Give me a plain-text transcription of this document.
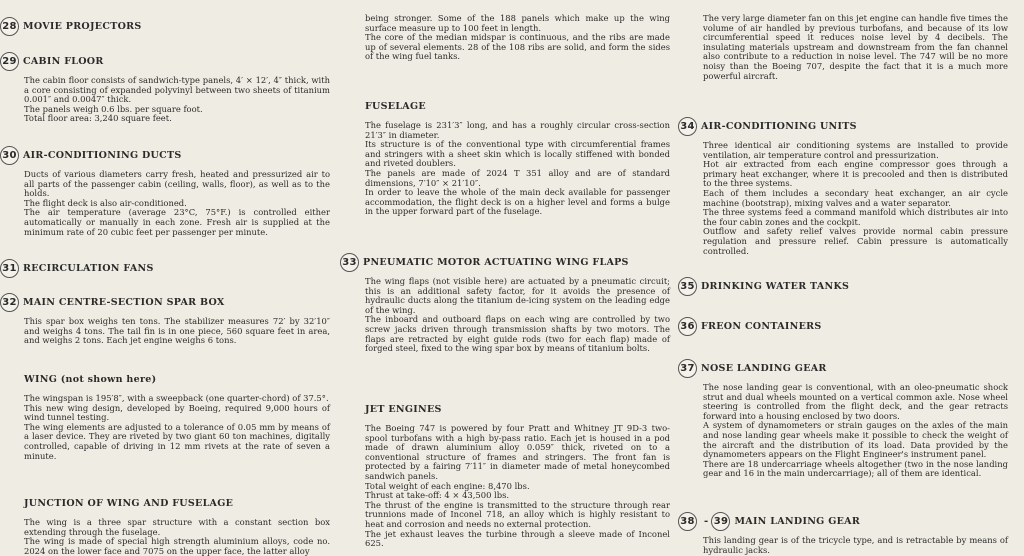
28 MOVIE PROJECTORS
29 CABIN FLOOR

The cabin floor consists of sandwich-type panels, 4′ × 12′, 4″ thick, with a core consisting of expanded polyvinyl between two sheets of titanium 0.001″ and 0.0047″ thick.

The panels weigh 0.6 lbs. per square foot.

Total floor area: 3,240 square feet.

30 AIR-CONDITIONING DUCTS

Ducts of various diameters carry fresh, heated and pressurized air to all parts of the passenger cabin (ceiling, walls, floor), as well as to the holds.

The flight deck is also air-conditioned.

The air temperature (average 23°C, 75°F.) is controlled either automatically or manually in each zone. Fresh air is supplied at the minimum rate of 20 cubic feet per passenger per minute.

31 RECIRCULATION FANS
32 MAIN CENTRE-SECTION SPAR BOX

This spar box weighs ten tons. The stabilizer measures 72′ by 32′10″ and weighs 4 tons. The tail fin is in one piece, 560 square feet in area, and weighs 2 tons. Each jet engine weighs 6 tons.

WING (not shown here)

The wingspan is 195′8″, with a sweepback (one quarter-chord) of 37.5°.

This new wing design, developed by Boeing, required 9,000 hours of wind tunnel testing.

The wing elements are adjusted to a tolerance of 0.05 mm by means of a laser device. They are riveted by two giant 60 ton machines, digitally controlled, capable of driving in 12 mm rivets at the rate of seven a minute.

JUNCTION OF WING AND FUSELAGE

The wing is a three spar structure with a constant section box extending through the fuselage.

The wing is made of special high strength aluminium alloys, code no. 2024 on the lower face and 7075 on the upper face, the latter alloy

being stronger. Some of the 188 panels which make up the wing surface measure up to 100 feet in length.

The core of the median midspar is continuous, and the ribs are made up of several elements. 28 of the 108 ribs are solid, and form the sides of the wing fuel tanks.

FUSELAGE

The fuselage is 231′3″ long, and has a roughly circular cross-section 21′3″ in diameter.

Its structure is of the conventional type with circumferential frames and stringers with a sheet skin which is locally stiffened with bonded and riveted doublers.

The panels are made of 2024 T 351 alloy and are of standard dimensions, 7′10″ × 21′10″.

In order to leave the whole of the main deck available for passenger accommodation, the flight deck is on a higher level and forms a bulge in the upper forward part of the fuselage.

33 PNEUMATIC MOTOR ACTUATING WING FLAPS

The wing flaps (not visible here) are actuated by a pneumatic circuit; this is an additional safety factor, for it avoids the presence of hydraulic ducts along the titanium de-icing system on the leading edge of the wing.

The inboard and outboard flaps on each wing are controlled by two screw jacks driven through transmission shafts by two motors. The flaps are retracted by eight guide rods (two for each flap) made of forged steel, fixed to the wing spar box by means of titanium bolts.

JET ENGINES

The Boeing 747 is powered by four Pratt and Whitney JT 9D-3 two-spool turbofans with a high by-pass ratio. Each jet is housed in a pod made of drawn aluminium alloy 0.059″ thick, riveted on to a conventional structure of frames and stringers. The front fan is protected by a fairing 7′11″ in diameter made of metal honeycombed sandwich panels.

Total weight of each engine: 8,470 lbs.

Thrust at take-off: 4 × 43,500 lbs.

The thrust of the engine is transmitted to the structure through rear trunnions made of Inconel 718, an alloy which is highly resistant to heat and corrosion and needs no external protection.

The jet exhaust leaves the turbine through a sleeve made of Inconel 625.

The very large diameter fan on this jet engine can handle five times the volume of air handled by previous turbofans, and because of its low circumferential speed it reduces noise level by 4 decibels. The insulating materials upstream and downstream from the fan channel also contribute to a reduction in noise level. The 747 will be no more noisy than the Boeing 707, despite the fact that it is a much more powerful aircraft.

34 AIR-CONDITIONING UNITS

Three identical air conditioning systems are installed to provide ventilation, air temperature control and pressurization.

Hot air extracted from each engine compressor goes through a primary heat exchanger, where it is precooled and then is distributed to the three systems.

Each of them includes a secondary heat exchanger, an air cycle machine (bootstrap), mixing valves and a water separator.

The three systems feed a command manifold which distributes air into the four cabin zones and the cockpit.

Outflow and safety relief valves provide normal cabin pressure regulation and pressure relief. Cabin pressure is automatically controlled.

35 DRINKING WATER TANKS
36 FREON CONTAINERS
37 NOSE LANDING GEAR

The nose landing gear is conventional, with an oleo-pneumatic shock strut and dual wheels mounted on a vertical common axle. Nose wheel steering is controlled from the flight deck, and the gear retracts forward into a housing enclosed by two doors.

A system of dynamometers or strain gauges on the axles of the main and nose landing gear wheels make it possible to check the weight of the aircraft and the distribution of its load. Data provided by the dynamometers appears on the Flight Engineer's instrument panel.

There are 18 undercarriage wheels altogether (two in the nose landing gear and 16 in the main undercarriage); all of them are identical.

38 - 39 MAIN LANDING GEAR

This landing gear is of the tricycle type, and is retractable by means of hydraulic jacks.
